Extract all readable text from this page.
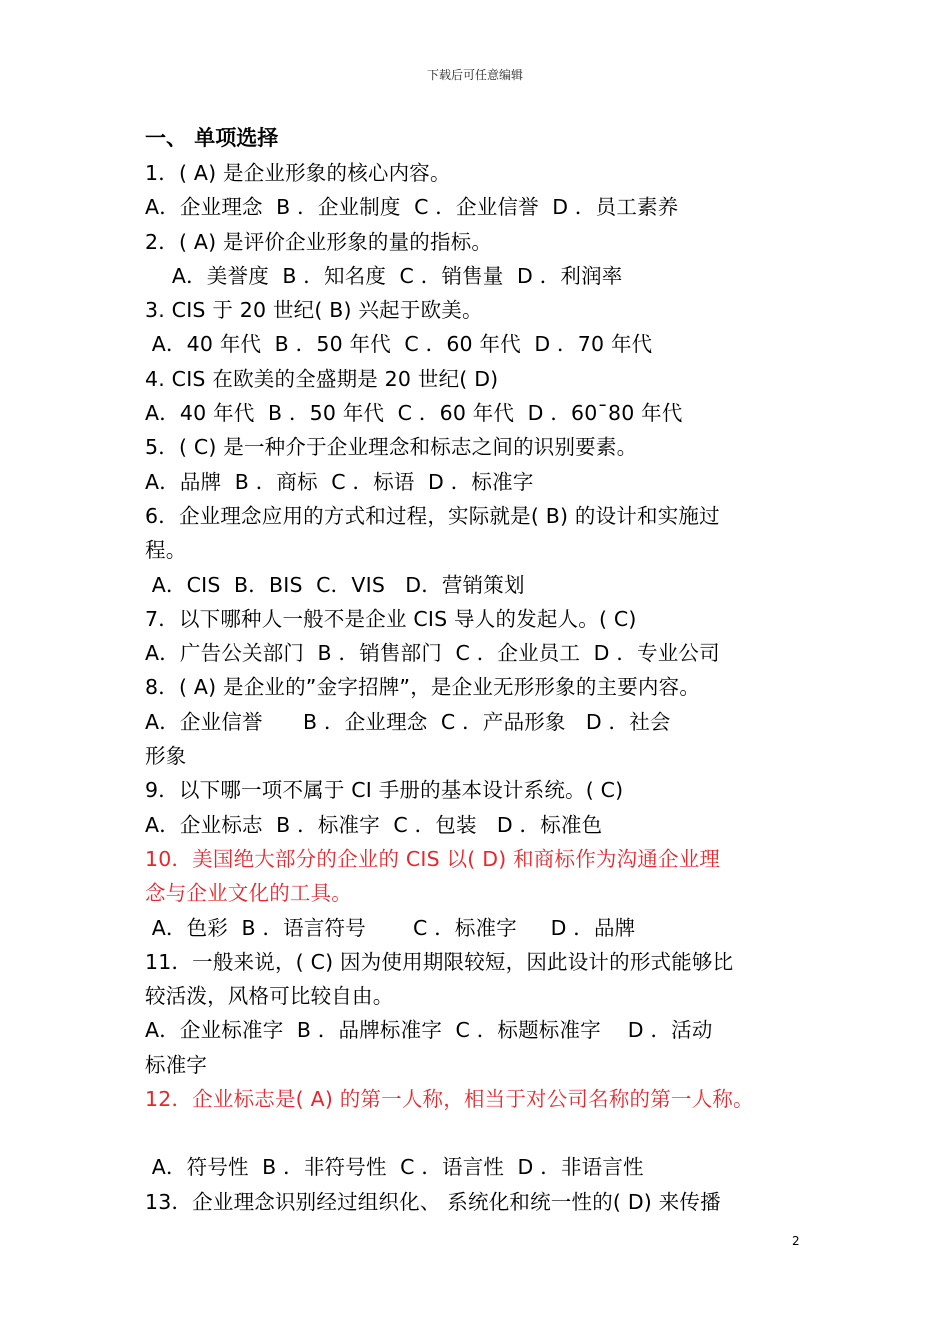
下载后可任意编辑
一、 单项选择
1．( A) 是企业形象的核心内容。
A．企业理念  B ．企业制度  C ．企业信誉  D ．员工素养
2．( A) 是评价企业形象的量的指标。
A．美誉度  B ．知名度  C ．销售量  D ．利润率
3. CIS 于 20 世纪( B) 兴起于欧美。
A．40 年代  B ．50 年代  C ．60 年代  D ．70 年代
4. CIS 在欧美的全盛期是 20 世纪( D)
A．40 年代  B ．50 年代  C ．60 年代  D ．60¯80 年代
5．( C) 是一种介于企业理念和标志之间的识别要素。
A．品牌  B ．商标  C ．标语  D ．标准字
6．企业理念应用的方式和过程，实际就是( B) 的设计和实施过
程。
A．CIS  B．BIS  C．VIS   D．营销策划
7．以下哪种人一般不是企业 CIS 导人的发起人。( C)
A．广告公关部门  B ．销售部门  C ．企业员工  D ．专业公司
8．( A) 是企业的”金字招牌”，是企业无形形象的主要内容。
A．企业信誉      B ．企业理念  C ．产品形象   D ．社会
形象
9．以下哪一项不属于 CI 手册的基本设计系统。( C)
A．企业标志  B ．标准字  C ．包装   D ．标准色
10．美国绝大部分的企业的 CIS 以( D) 和商标作为沟通企业理
念与企业文化的工具。
A．色彩  B ．语言符号       C ．标准字     D ．品牌
11．一般来说，( C) 因为使用期限较短，因此设计的形式能够比
较活泼，风格可比较自由。
A．企业标准字  B ．品牌标准字  C ．标题标准字    D ．活动
标准字
12．企业标志是( A) 的第一人称，相当于对公司名称的第一人称。
A．符号性  B ．非符号性  C ．语言性  D ．非语言性
13．企业理念识别经过组织化、 系统化和统一性的( D) 来传播
2
